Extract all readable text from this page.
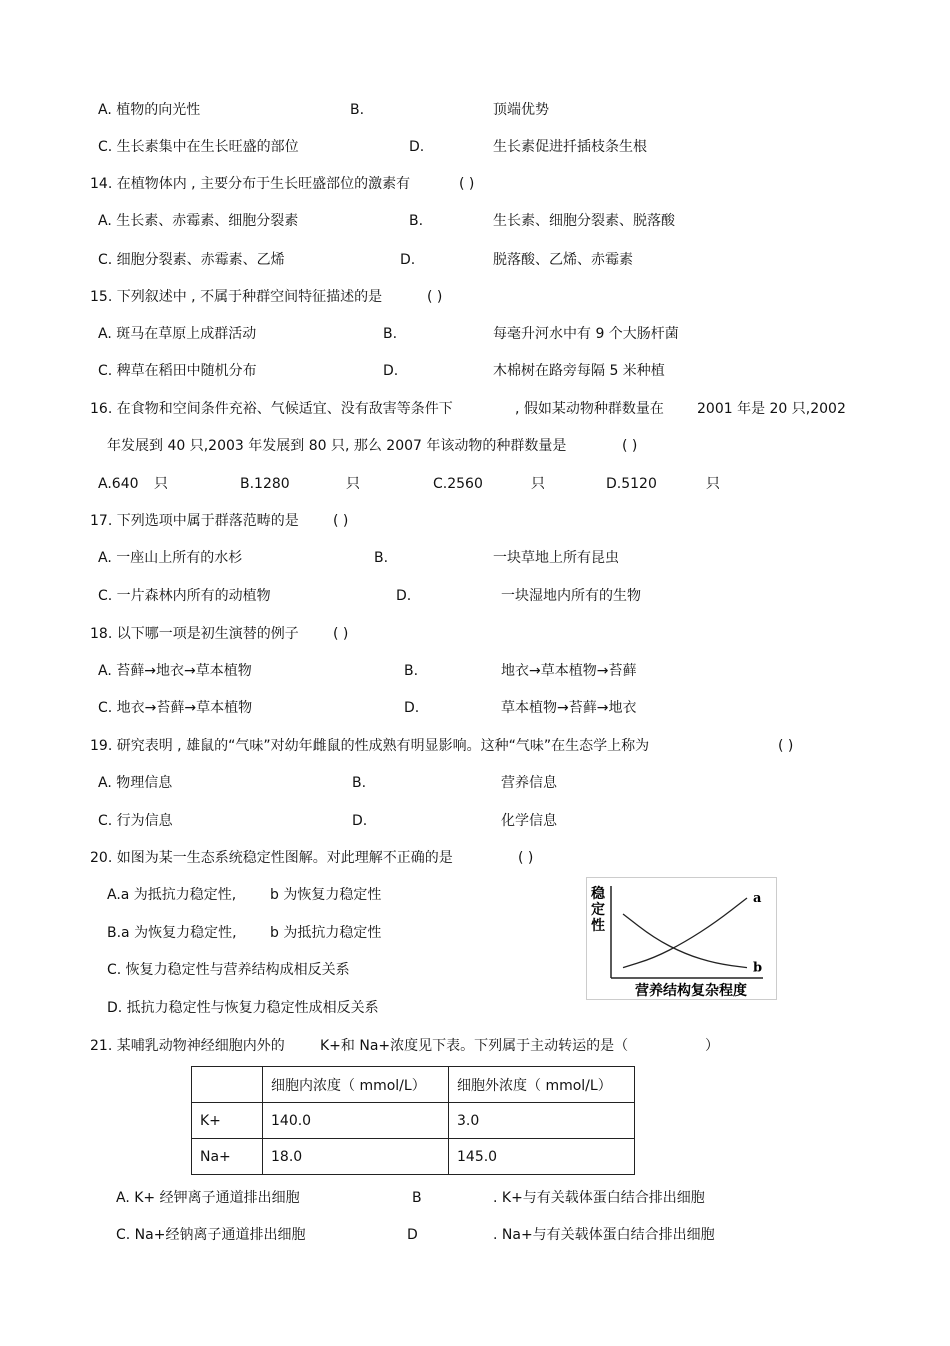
A. 植物的向光性	B.	顶端优势
C. 生长素集中在生长旺盛的部位	D.	生长素促进扦插枝条生根
14. 在植物体内 , 主要分布于生长旺盛部位的激素有	( )
A. 生长素、赤霉素、细胞分裂素	B.	生长素、细胞分裂素、脱落酸
C. 细胞分裂素、赤霉素、乙烯	D.	脱落酸、乙烯、赤霉素
15. 下列叙述中 , 不属于种群空间特征描述的是	( )
A. 斑马在草原上成群活动	B.	每毫升河水中有 9 个大肠杆菌
C. 稗草在稻田中随机分布	D.	木棉树在路旁每隔 5 米种植
16. 在食物和空间条件充裕、气候适宜、没有敌害等条件下	, 假如某动物种群数量在 2001 年是 20 只,2002
年发展到 40 只,2003 年发展到 80 只, 那么 2007 年该动物的种群数量是	( )
A.640 只	B.1280	只	C.2560	只	D.5120	只
17. 下列选项中属于群落范畴的是 ( )
A. 一座山上所有的水杉	B.	一块草地上所有昆虫
C. 一片森林内所有的动植物	D.	一块湿地内所有的生物
18. 以下哪一项是初生演替的例子 ( )
A. 苔藓→地衣→草本植物	B.	地衣→草本植物→苔藓
C. 地衣→苔藓→草本植物	D.	草本植物→苔藓→地衣
19. 研究表明 , 雄鼠的“气味”对幼年雌鼠的性成熟有明显影响。这种“气味”在生态学上称为	( )
A. 物理信息	B.	营养信息
C. 行为信息	D.	化学信息
20. 如图为某一生态系统稳定性图解。对此理解不正确的是	( )
A.a 为抵抗力稳定性, b 为恢复力稳定性
B.a 为恢复力稳定性, b 为抵抗力稳定性
C. 恢复力稳定性与营养结构成相反关系
D. 抵抗力稳定性与恢复力稳定性成相反关系
稳定性
营养结构复杂程度
a
b
21. 某哺乳动物神经细胞内外的	K+和 Na+浓度见下表。下列属于主动转运的是（	）
	细胞内浓度（ mmol/L）	细胞外浓度（ mmol/L）
K+	140.0	3.0
Na+	18.0	145.0
A. K+ 经钾离子通道排出细胞	B	. K+与有关载体蛋白结合排出细胞
C. Na+经钠离子通道排出细胞	D	. Na+与有关载体蛋白结合排出细胞
